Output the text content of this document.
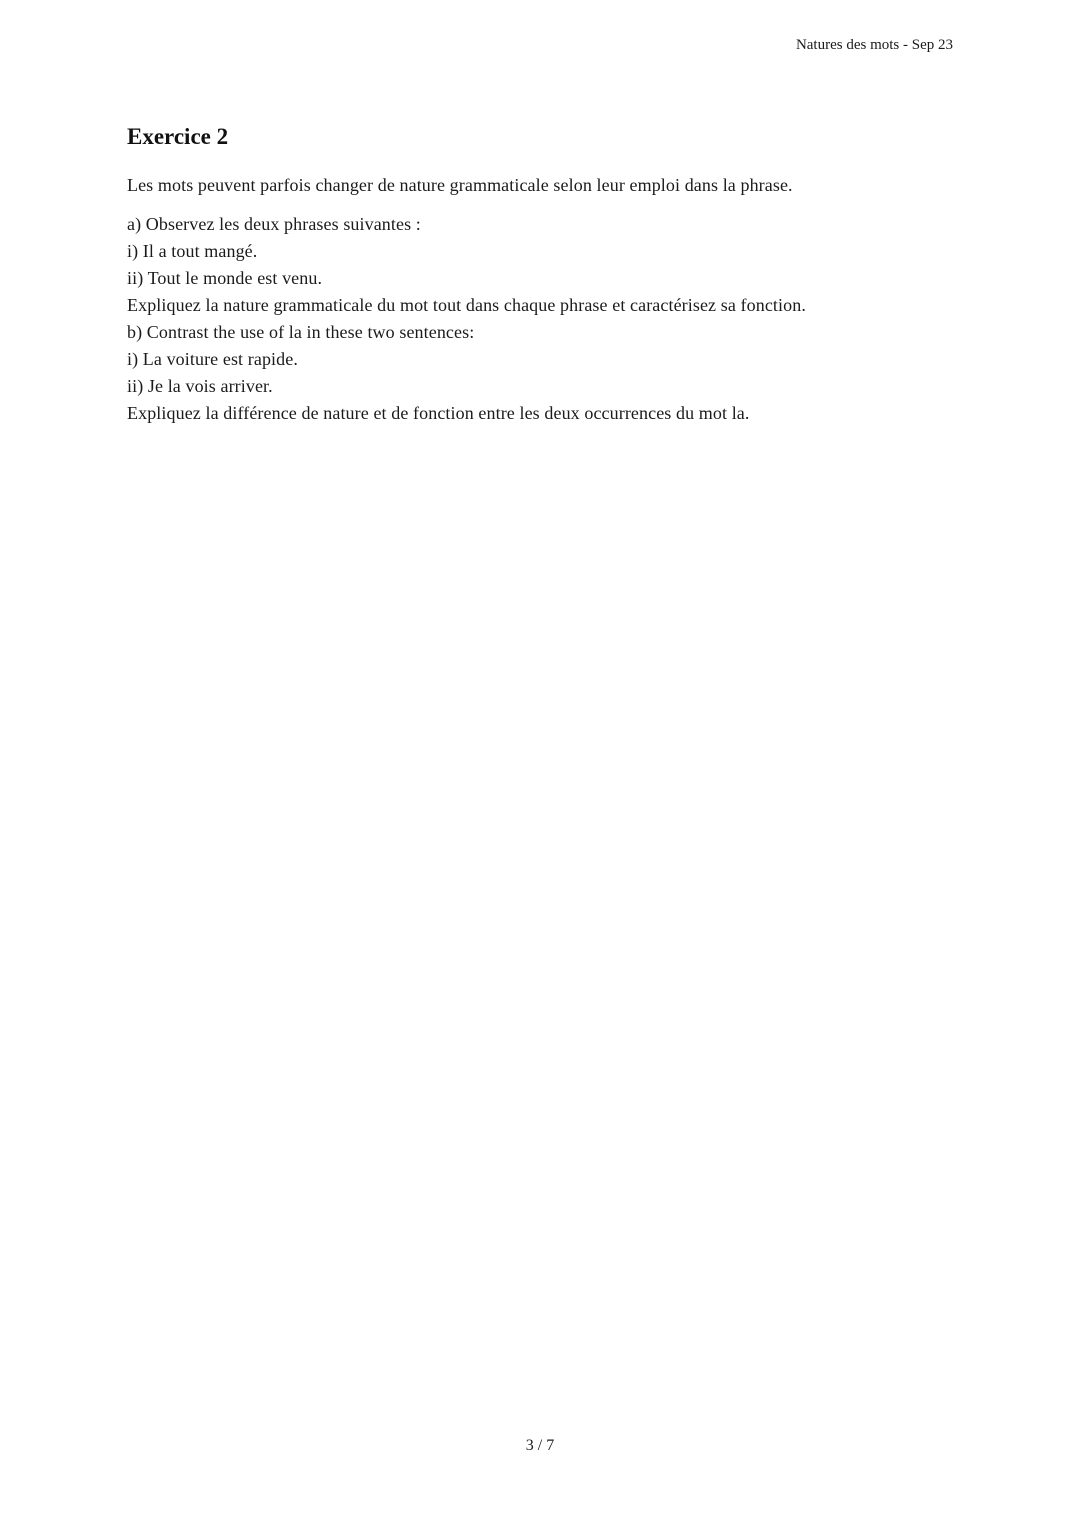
Natures des mots - Sep 23
Exercice 2

Les mots peuvent parfois changer de nature grammaticale selon leur emploi dans la phrase.

a) Observez les deux phrases suivantes :
i) Il a tout mangé.
ii) Tout le monde est venu.
Expliquez la nature grammaticale du mot tout dans chaque phrase et caractérisez sa fonction.
b) Contrast the use of la in these two sentences:
i) La voiture est rapide.
ii) Je la vois arriver.
Expliquez la différence de nature et de fonction entre les deux occurrences du mot la.
3 / 7
